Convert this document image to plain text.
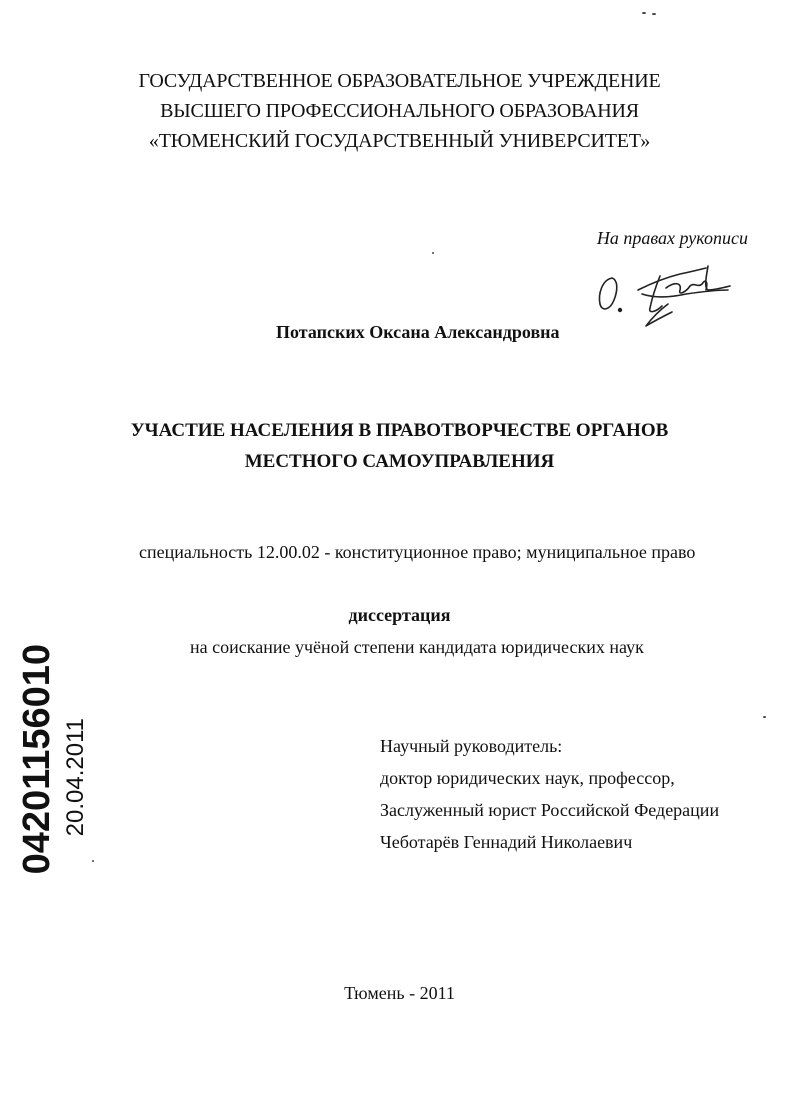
ГОСУДАРСТВЕННОЕ ОБРАЗОВАТЕЛЬНОЕ УЧРЕЖДЕНИЕ
ВЫСШЕГО ПРОФЕССИОНАЛЬНОГО ОБРАЗОВАНИЯ
«ТЮМЕНСКИЙ ГОСУДАРСТВЕННЫЙ УНИВЕРСИТЕТ»
На правах рукописи
Потапских Оксана Александровна
УЧАСТИЕ НАСЕЛЕНИЯ В ПРАВОТВОРЧЕСТВЕ ОРГАНОВ
МЕСТНОГО САМОУПРАВЛЕНИЯ
специальность 12.00.02 - конституционное право; муниципальное право
диссертация
на соискание учёной степени кандидата юридических наук
Научный руководитель:
доктор юридических наук, профессор,
Заслуженный юрист Российской Федерации
Чеботарёв Геннадий Николаевич
Тюмень - 2011
04201156010 20.04.2011
